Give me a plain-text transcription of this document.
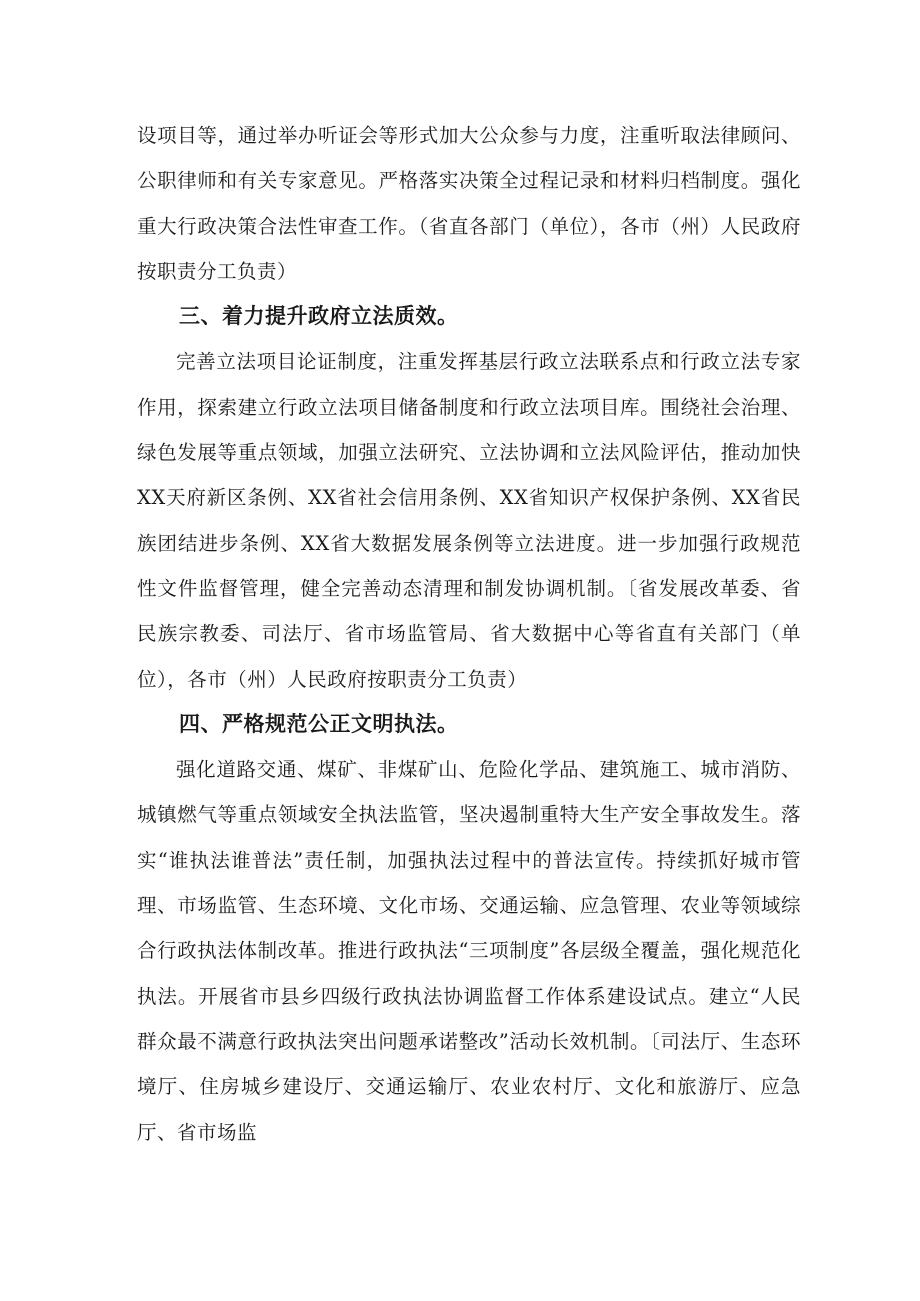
设项目等，通过举办听证会等形式加大公众参与力度，注重听取法律顾问、公职律师和有关专家意见。严格落实决策全过程记录和材料归档制度。强化重大行政决策合法性审查工作。（省直各部门（单位），各市（州）人民政府按职责分工负责）

三、着力提升政府立法质效。

完善立法项目论证制度，注重发挥基层行政立法联系点和行政立法专家作用，探索建立行政立法项目储备制度和行政立法项目库。围绕社会治理、绿色发展等重点领域，加强立法研究、立法协调和立法风险评估，推动加快XX天府新区条例、XX省社会信用条例、XX省知识产权保护条例、XX省民族团结进步条例、XX省大数据发展条例等立法进度。进一步加强行政规范性文件监督管理，健全完善动态清理和制发协调机制。〔省发展改革委、省民族宗教委、司法厅、省市场监管局、省大数据中心等省直有关部门（单位），各市（州）人民政府按职责分工负责）

四、严格规范公正文明执法。

强化道路交通、煤矿、非煤矿山、危险化学品、建筑施工、城市消防、城镇燃气等重点领域安全执法监管，坚决遏制重特大生产安全事故发生。落实“谁执法谁普法”责任制，加强执法过程中的普法宣传。持续抓好城市管理、市场监管、生态环境、文化市场、交通运输、应急管理、农业等领域综合行政执法体制改革。推进行政执法“三项制度”各层级全覆盖，强化规范化执法。开展省市县乡四级行政执法协调监督工作体系建设试点。建立“人民群众最不满意行政执法突出问题承诺整改”活动长效机制。〔司法厅、生态环境厅、住房城乡建设厅、交通运输厅、农业农村厅、文化和旅游厅、应急厅、省市场监
